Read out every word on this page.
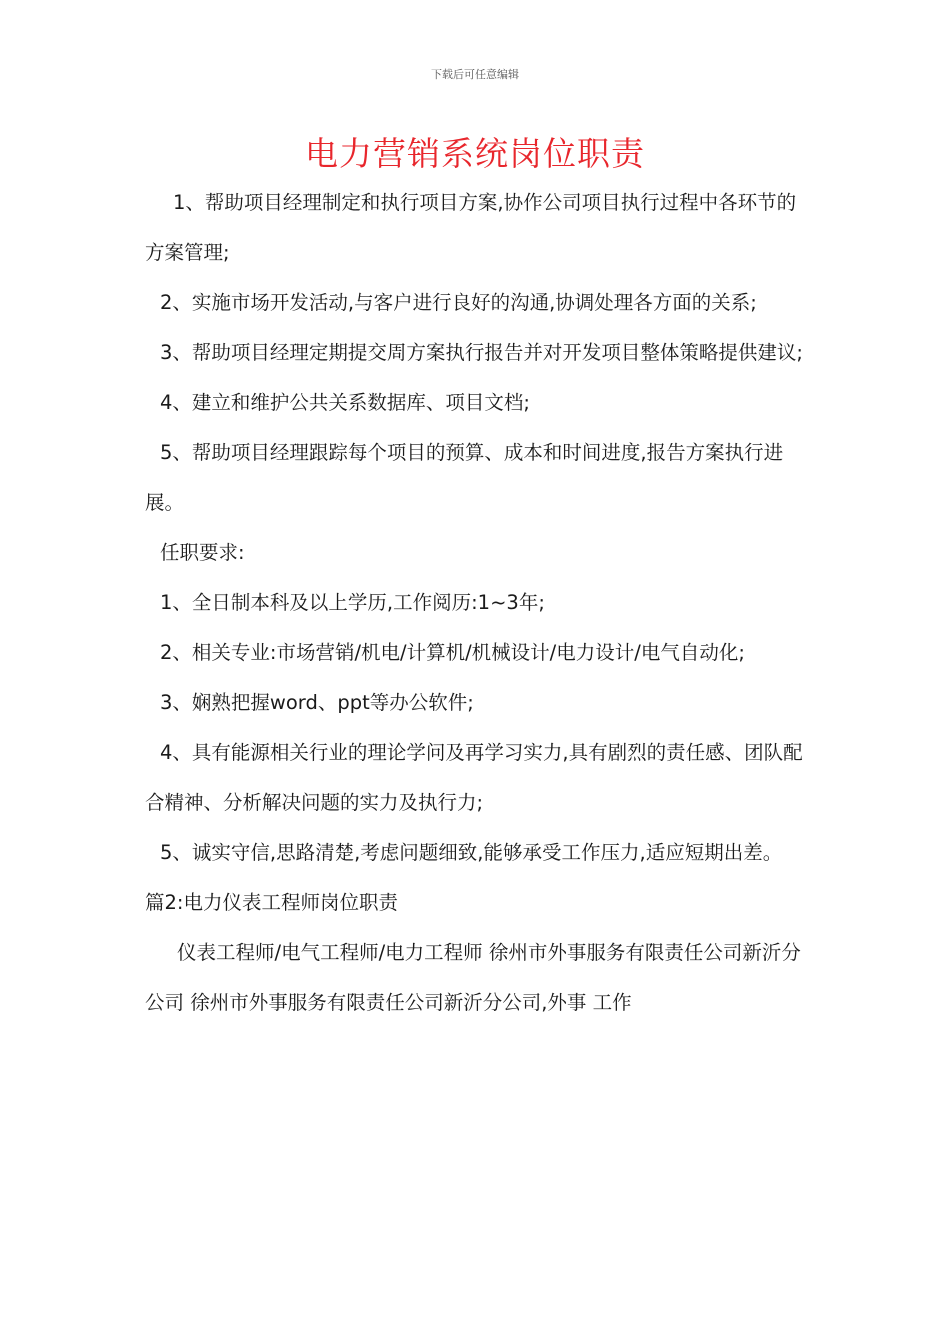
下载后可任意编辑
电力营销系统岗位职责

1、帮助项目经理制定和执行项目方案,协作公司项目执行过程中各环节的方案管理;

2、实施市场开发活动,与客户进行良好的沟通,协调处理各方面的关系;

3、帮助项目经理定期提交周方案执行报告并对开发项目整体策略提供建议;

4、建立和维护公共关系数据库、项目文档;

5、帮助项目经理跟踪每个项目的预算、成本和时间进度,报告方案执行进展。

任职要求:

1、全日制本科及以上学历,工作阅历:1~3年;

2、相关专业:市场营销/机电/计算机/机械设计/电力设计/电气自动化;

3、娴熟把握word、ppt等办公软件;

4、具有能源相关行业的理论学问及再学习实力,具有剧烈的责任感、团队配合精神、分析解决问题的实力及执行力;

5、诚实守信,思路清楚,考虑问题细致,能够承受工作压力,适应短期出差。

篇2:电力仪表工程师岗位职责

仪表工程师/电气工程师/电力工程师 徐州市外事服务有限责任公司新沂分公司 徐州市外事服务有限责任公司新沂分公司,外事 工作
